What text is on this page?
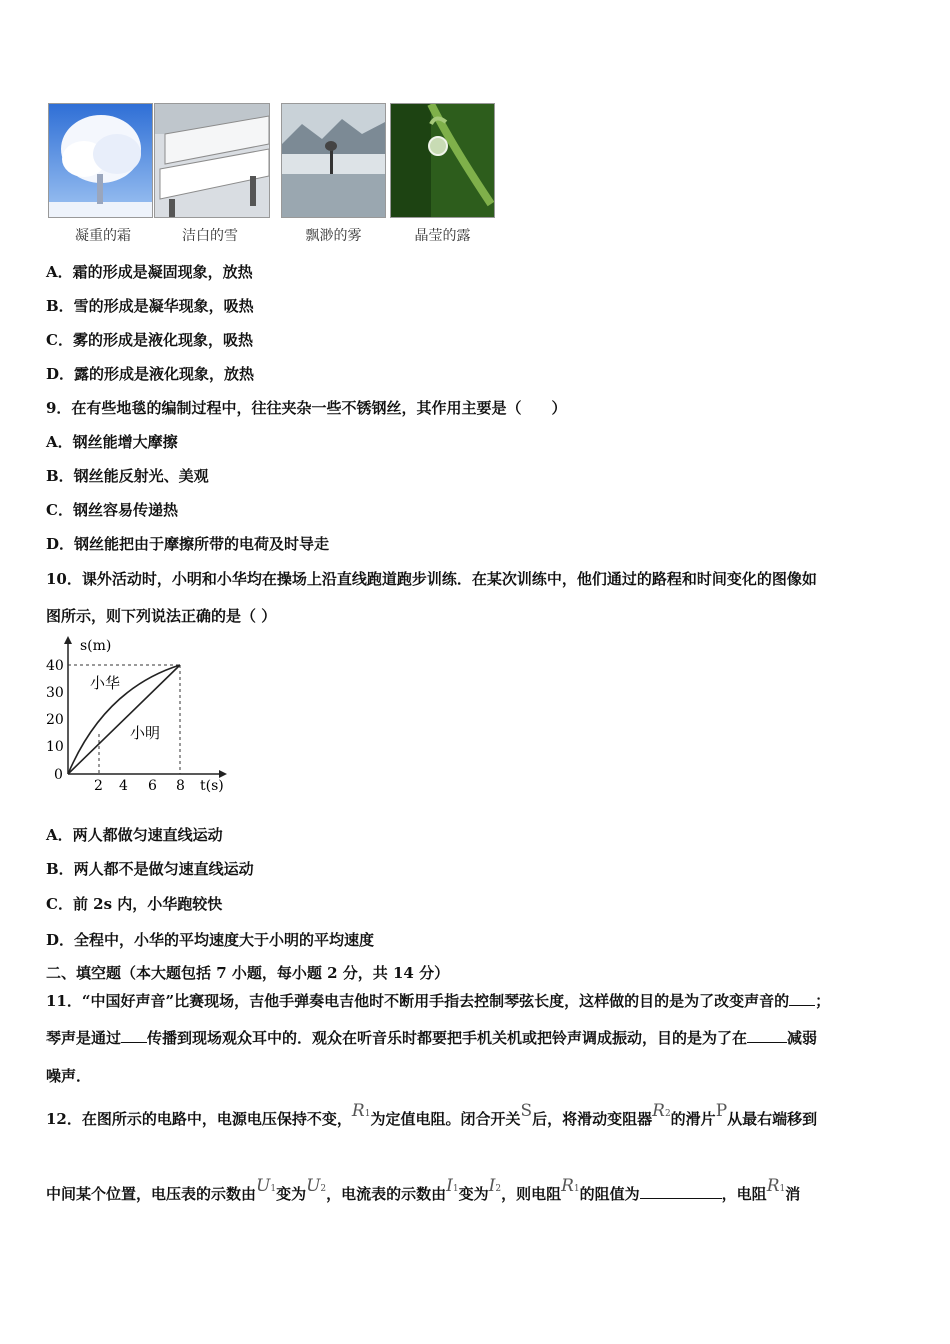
凝重的霜	洁白的雪	飘渺的雾	晶莹的露
A．霜的形成是凝固现象，放热
B．雪的形成是凝华现象，吸热
C．雾的形成是液化现象，吸热
D．露的形成是液化现象，放热
9．在有些地毯的编制过程中，往往夹杂一些不锈钢丝，其作用主要是（　　）
A．钢丝能增大摩擦
B．钢丝能反射光、美观
C．钢丝容易传递热
D．钢丝能把由于摩擦所带的电荷及时导走
10．课外活动时，小明和小华均在操场上沿直线跑道跑步训练．在某次训练中，他们通过的路程和时间变化的图像如
图所示，则下列说法正确的是（ ）
s(m)
t(s)
40
30
20
10
0
2 4 6 8
小华
小明
A．两人都做匀速直线运动
B．两人都不是做匀速直线运动
C．前 2s 内，小华跑较快
D．全程中，小华的平均速度大于小明的平均速度
二、填空题（本大题包括 7 小题，每小题 2 分，共 14 分）
11．“中国好声音”比赛现场，吉他手弹奏电吉他时不断用手指去控制琴弦长度，这样做的目的是为了改变声音的 ；
琴声是通过 传播到现场观众耳中的．观众在听音乐时都要把手机关机或把铃声调成振动，目的是为了在	减弱
噪声．
12．在图所示的电路中，电源电压保持不变，R1为定值电阻。闭合开关S后，将滑动变阻器R2的滑片P从最右端移到
中间某个位置，电压表的示数由U1变为U2，电流表的示数由I1变为I2，则电阻R1的阻值为	，电阻R1消
